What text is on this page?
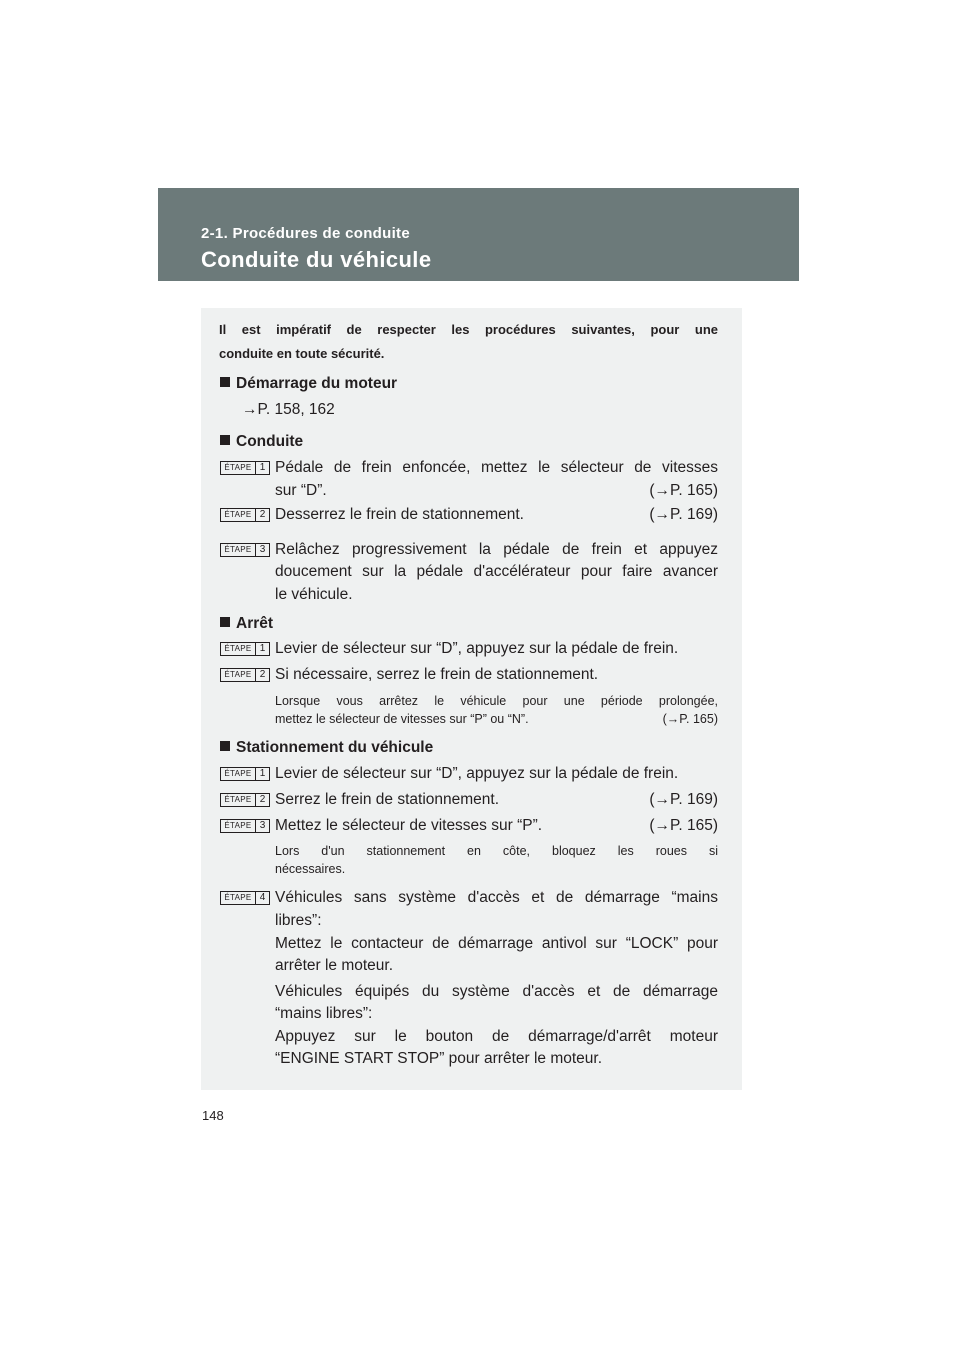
2-1. Procédures de conduite
Conduite du véhicule
Il est impératif de respecter les procédures suivantes, pour une
conduite en toute sécurité.
Démarrage du moteur
→P. 158, 162
Conduite
ÉTAPE 1 Pédale de frein enfoncée, mettez le sélecteur de vitesses
sur “D”.	(→P. 165)
ÉTAPE 2 Desserrez le frein de stationnement.	(→P. 169)
ÉTAPE 3 Relâchez progressivement la pédale de frein et appuyez
doucement sur la pédale d'accélérateur pour faire avancer
le véhicule.
Arrêt
ÉTAPE 1 Levier de sélecteur sur “D”, appuyez sur la pédale de frein.
ÉTAPE 2 Si nécessaire, serrez le frein de stationnement.
Lorsque vous arrêtez le véhicule pour une période prolongée,
mettez le sélecteur de vitesses sur “P” ou “N”.	(→P. 165)
Stationnement du véhicule
ÉTAPE 1 Levier de sélecteur sur “D”, appuyez sur la pédale de frein.
ÉTAPE 2 Serrez le frein de stationnement.	(→P. 169)
ÉTAPE 3 Mettez le sélecteur de vitesses sur “P”.	(→P. 165)
Lors d'un stationnement en côte, bloquez les roues si
nécessaires.
ÉTAPE 4 Véhicules sans système d'accès et de démarrage “mains
libres”:
Mettez le contacteur de démarrage antivol sur “LOCK” pour
arrêter le moteur.
Véhicules équipés du système d'accès et de démarrage
“mains libres”:
Appuyez sur le bouton de démarrage/d'arrêt moteur
“ENGINE START STOP” pour arrêter le moteur.
148
